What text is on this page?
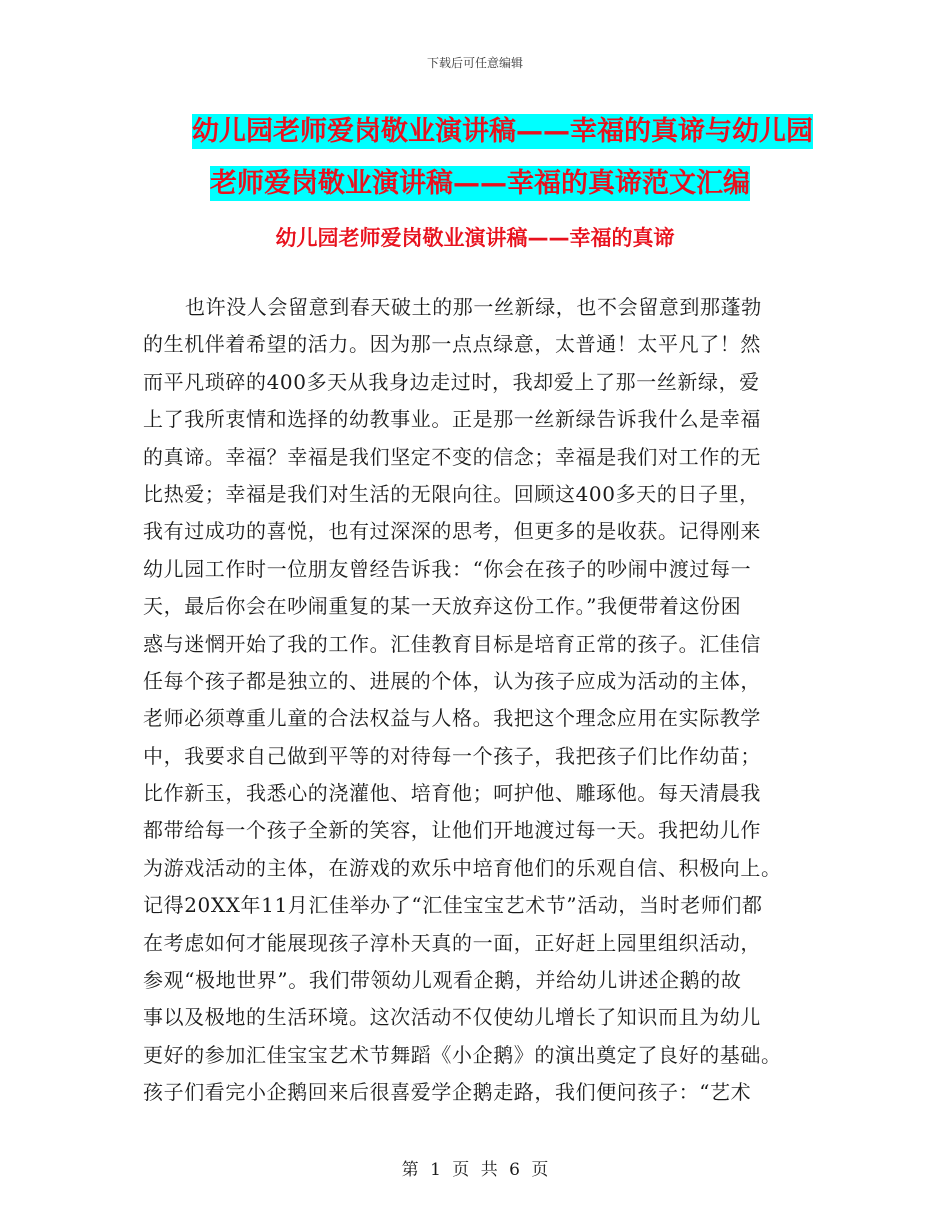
下载后可任意编辑
幼儿园老师爱岗敬业演讲稿——幸福的真谛与幼儿园
老师爱岗敬业演讲稿——幸福的真谛范文汇编
幼儿园老师爱岗敬业演讲稿——幸福的真谛
也许没人会留意到春天破土的那一丝新绿，也不会留意到那蓬勃
的生机伴着希望的活力。因为那一点点绿意，太普通！太平凡了！然
而平凡琐碎的400多天从我身边走过时，我却爱上了那一丝新绿，爱
上了我所衷情和选择的幼教事业。正是那一丝新绿告诉我什么是幸福
的真谛。幸福？幸福是我们坚定不变的信念；幸福是我们对工作的无
比热爱；幸福是我们对生活的无限向往。回顾这400多天的日子里，
我有过成功的喜悦，也有过深深的思考，但更多的是收获。记得刚来
幼儿园工作时一位朋友曾经告诉我：“你会在孩子的吵闹中渡过每一
天，最后你会在吵闹重复的某一天放弃这份工作。”我便带着这份困
惑与迷惘开始了我的工作。汇佳教育目标是培育正常的孩子。汇佳信
任每个孩子都是独立的、进展的个体，认为孩子应成为活动的主体，
老师必须尊重儿童的合法权益与人格。我把这个理念应用在实际教学
中，我要求自己做到平等的对待每一个孩子，我把孩子们比作幼苗；
比作新玉，我悉心的浇灌他、培育他；呵护他、雕琢他。每天清晨我
都带给每一个孩子全新的笑容，让他们开地渡过每一天。我把幼儿作
为游戏活动的主体，在游戏的欢乐中培育他们的乐观自信、积极向上。
记得20XX年11月汇佳举办了“汇佳宝宝艺术节”活动，当时老师们都
在考虑如何才能展现孩子淳朴天真的一面，正好赶上园里组织活动，
参观“极地世界”。我们带领幼儿观看企鹅，并给幼儿讲述企鹅的故
事以及极地的生活环境。这次活动不仅使幼儿增长了知识而且为幼儿
更好的参加汇佳宝宝艺术节舞蹈《小企鹅》的演出奠定了良好的基础。
孩子们看完小企鹅回来后很喜爱学企鹅走路，我们便问孩子：“艺术
第 1 页 共 6 页
